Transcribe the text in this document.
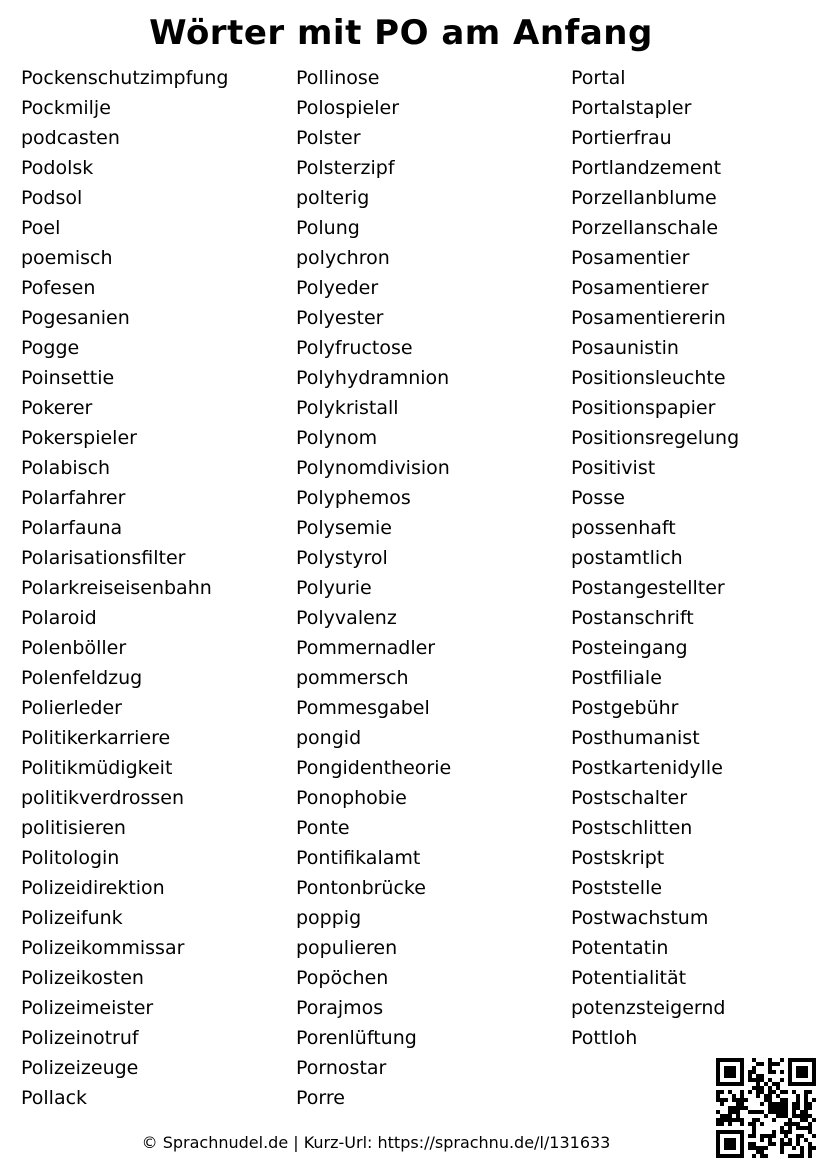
Wörter mit PO am Anfang
Pockenschutzimpfung
Pockmilje
podcasten
Podolsk
Podsol
Poel
poemisch
Pofesen
Pogesanien
Pogge
Poinsettie
Pokerer
Pokerspieler
Polabisch
Polarfahrer
Polarfauna
Polarisationsfilter
Polarkreiseisenbahn
Polaroid
Polenböller
Polenfeldzug
Polierleder
Politikerkarriere
Politikmüdigkeit
politikverdrossen
politisieren
Politologin
Polizeidirektion
Polizeifunk
Polizeikommissar
Polizeikosten
Polizeimeister
Polizeinotruf
Polizeizeuge
Pollack
Pollinose
Polospieler
Polster
Polsterzipf
polterig
Polung
polychron
Polyeder
Polyester
Polyfructose
Polyhydramnion
Polykristall
Polynom
Polynomdivision
Polyphemos
Polysemie
Polystyrol
Polyurie
Polyvalenz
Pommernadler
pommersch
Pommesgabel
pongid
Pongidentheorie
Ponophobie
Ponte
Pontifikalamt
Pontonbrücke
poppig
populieren
Popöchen
Porajmos
Porenlüftung
Pornostar
Porre
Portal
Portalstapler
Portierfrau
Portlandzement
Porzellanblume
Porzellanschale
Posamentier
Posamentierer
Posamentiererin
Posaunistin
Positionsleuchte
Positionspapier
Positionsregelung
Positivist
Posse
possenhaft
postamtlich
Postangestellter
Postanschrift
Posteingang
Postfiliale
Postgebühr
Posthumanist
Postkartenidylle
Postschalter
Postschlitten
Postskript
Poststelle
Postwachstum
Potentatin
Potentialität
potenzsteigernd
Pottloh
© Sprachnudel.de | Kurz-Url: https://sprachnu.de/l/131633
